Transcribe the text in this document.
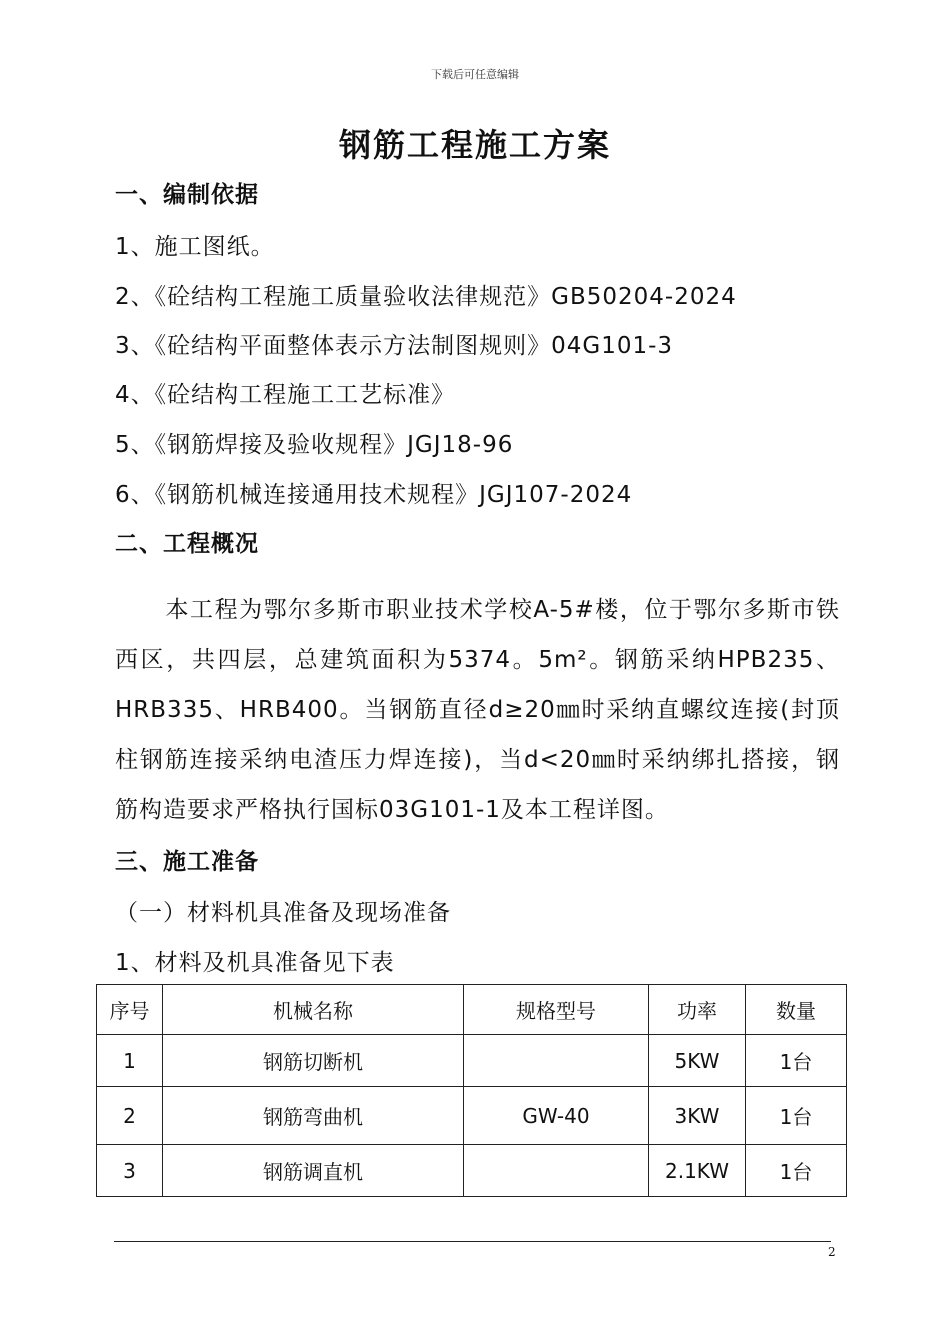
下载后可任意编辑
钢筋工程施工方案
一、编制依据
1、施工图纸。
2、《砼结构工程施工质量验收法律规范》GB50204-2024
3、《砼结构平面整体表示方法制图规则》04G101-3
4、《砼结构工程施工工艺标准》
5、《钢筋焊接及验收规程》JGJ18-96
6、《钢筋机械连接通用技术规程》JGJ107-2024
二、工程概况
本工程为鄂尔多斯市职业技术学校A-5#楼，位于鄂尔多斯市铁西区，共四层，总建筑面积为5374。5m²。钢筋采纳HPB235、HRB335、HRB400。当钢筋直径d≥20㎜时采纳直螺纹连接(封顶柱钢筋连接采纳电渣压力焊连接)，当d<20㎜时采纳绑扎搭接，钢筋构造要求严格执行国标03G101-1及本工程详图。
三、施工准备
（一）材料机具准备及现场准备
1、材料及机具准备见下表
序号	机械名称	规格型号	功率	数量
1	钢筋切断机		5KW	1台
2	钢筋弯曲机	GW-40	3KW	1台
3	钢筋调直机		2.1KW	1台
2
